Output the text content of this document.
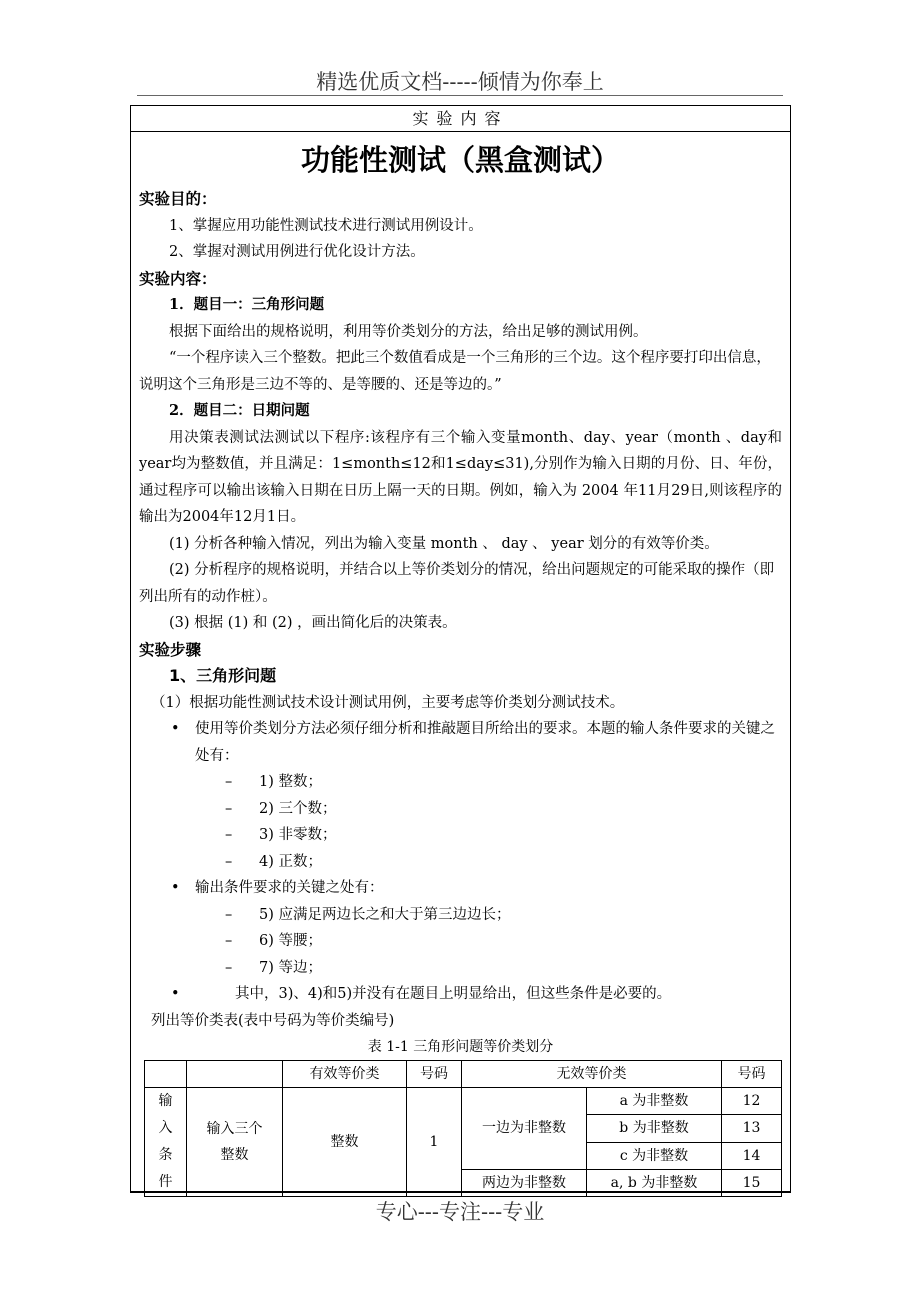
精选优质文档-----倾情为你奉上
实验内容
功能性测试（黑盒测试）
实验目的：
1、掌握应用功能性测试技术进行测试用例设计。
2、掌握对测试用例进行优化设计方法。
实验内容：
1．题目一：三角形问题
根据下面给出的规格说明，利用等价类划分的方法，给出足够的测试用例。
“一个程序读入三个整数。把此三个数值看成是一个三角形的三个边。这个程序要打印出信息，说明这个三角形是三边不等的、是等腰的、还是等边的。”
2．题目二：日期问题
用决策表测试法测试以下程序:该程序有三个输入变量month、day、year（month 、day和year均为整数值，并且满足：1≤month≤12和1≤day≤31),分别作为输入日期的月份、日、年份，通过程序可以输出该输入日期在日历上隔一天的日期。例如，输入为 2004 年11月29日,则该程序的输出为2004年12月1日。
(1) 分析各种输入情况，列出为输入变量 month 、 day 、 year 划分的有效等价类。
(2) 分析程序的规格说明，并结合以上等价类划分的情况，给出问题规定的可能采取的操作（即列出所有的动作桩）。
(3) 根据 (1) 和 (2) ，画出简化后的决策表。
实验步骤
1、三角形问题
（1）根据功能性测试技术设计测试用例，主要考虑等价类划分测试技术。
• 使用等价类划分方法必须仔细分析和推敲题目所给出的要求。本题的输人条件要求的关键之处有：
– 1) 整数；
– 2) 三个数；
– 3) 非零数；
– 4) 正数；
• 输出条件要求的关键之处有：
– 5) 应满足两边长之和大于第三边边长；
– 6) 等腰；
– 7) 等边；
•	其中，3)、4)和5)并没有在题目上明显给出，但这些条件是必要的。
列出等价类表(表中号码为等价类编号)
表 1-1 三角形问题等价类划分
		有效等价类	号码	无效等价类		号码
输入条件	输入三个整数	整数	1	一边为非整数	a 为非整数	12
					b 为非整数	13
					c 为非整数	14
				两边为非整数	a, b 为非整数	15
专心---专注---专业
